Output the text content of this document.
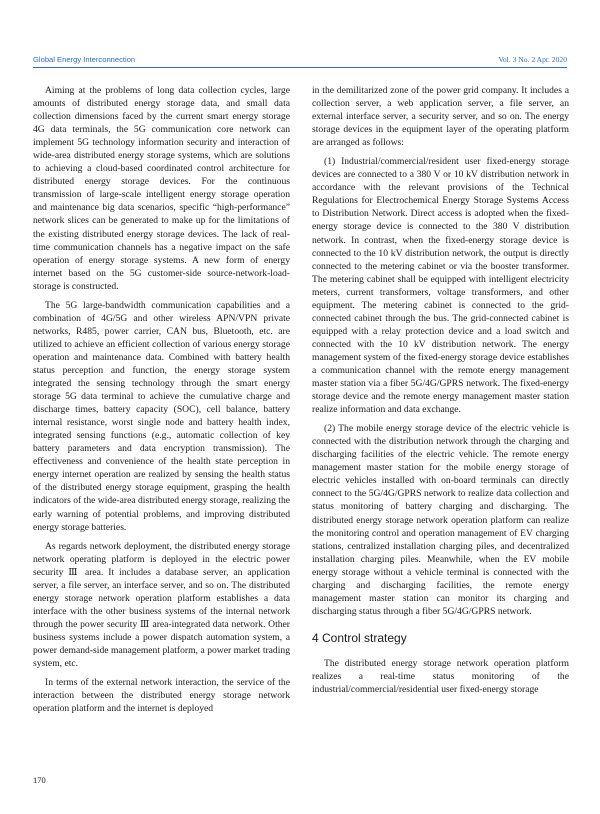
Global Energy Interconnection	Vol. 3 No. 2 Apr. 2020

Aiming at the problems of long data collection cycles, large amounts of distributed energy storage data, and small data collection dimensions faced by the current smart energy storage 4G data terminals, the 5G communication core network can implement 5G technology information security and interaction of wide-area distributed energy storage systems, which are solutions to achieving a cloud-based coordinated control architecture for distributed energy storage devices. For the continuous transmission of large-scale intelligent energy storage operation and maintenance big data scenarios, specific “high-performance” network slices can be generated to make up for the limitations of the existing distributed energy storage devices. The lack of real-time communication channels has a negative impact on the safe operation of energy storage systems. A new form of energy internet based on the 5G customer-side source-network-load-storage is constructed.

The 5G large-bandwidth communication capabilities and a combination of 4G/5G and other wireless APN/VPN private networks, R485, power carrier, CAN bus, Bluetooth, etc. are utilized to achieve an efficient collection of various energy storage operation and maintenance data. Combined with battery health status perception and function, the energy storage system integrated the sensing technology through the smart energy storage 5G data terminal to achieve the cumulative charge and discharge times, battery capacity (SOC), cell balance, battery internal resistance, worst single node and battery health index, integrated sensing functions (e.g., automatic collection of key battery parameters and data encryption transmission). The effectiveness and convenience of the health state perception in energy internet operation are realized by sensing the health status of the distributed energy storage equipment, grasping the health indicators of the wide-area distributed energy storage, realizing the early warning of potential problems, and improving distributed energy storage batteries.

As regards network deployment, the distributed energy storage network operating platform is deployed in the electric power security Ⅲ area. It includes a database server, an application server, a file server, an interface server, and so on. The distributed energy storage network operation platform establishes a data interface with the other business systems of the internal network through the power security Ⅲ area-integrated data network. Other business systems include a power dispatch automation system, a power demand-side management platform, a power market trading system, etc.

In terms of the external network interaction, the service of the interaction between the distributed energy storage network operation platform and the internet is deployed

in the demilitarized zone of the power grid company. It includes a collection server, a web application server, a file server, an external interface server, a security server, and so on. The energy storage devices in the equipment layer of the operating platform are arranged as follows:

(1) Industrial/commercial/resident user fixed-energy storage devices are connected to a 380 V or 10 kV distribution network in accordance with the relevant provisions of the Technical Regulations for Electrochemical Energy Storage Systems Access to Distribution Network. Direct access is adopted when the fixed-energy storage device is connected to the 380 V distribution network. In contrast, when the fixed-energy storage device is connected to the 10 kV distribution network, the output is directly connected to the metering cabinet or via the booster transformer. The metering cabinet shall be equipped with intelligent electricity meters, current transformers, voltage transformers, and other equipment. The metering cabinet is connected to the grid-connected cabinet through the bus. The grid-connected cabinet is equipped with a relay protection device and a load switch and connected with the 10 kV distribution network. The energy management system of the fixed-energy storage device establishes a communication channel with the remote energy management master station via a fiber 5G/4G/GPRS network. The fixed-energy storage device and the remote energy management master station realize information and data exchange.

(2) The mobile energy storage device of the electric vehicle is connected with the distribution network through the charging and discharging facilities of the electric vehicle. The remote energy management master station for the mobile energy storage of electric vehicles installed with on-board terminals can directly connect to the 5G/4G/GPRS network to realize data collection and status monitoring of battery charging and discharging. The distributed energy storage network operation platform can realize the monitoring control and operation management of EV charging stations, centralized installation charging piles, and decentralized installation charging piles. Meanwhile, when the EV mobile energy storage without a vehicle terminal is connected with the charging and discharging facilities, the remote energy management master station can monitor its charging and discharging status through a fiber 5G/4G/GPRS network.

4 Control strategy

The distributed energy storage network operation platform realizes a real-time status monitoring of the industrial/commercial/residential user fixed-energy storage

170
